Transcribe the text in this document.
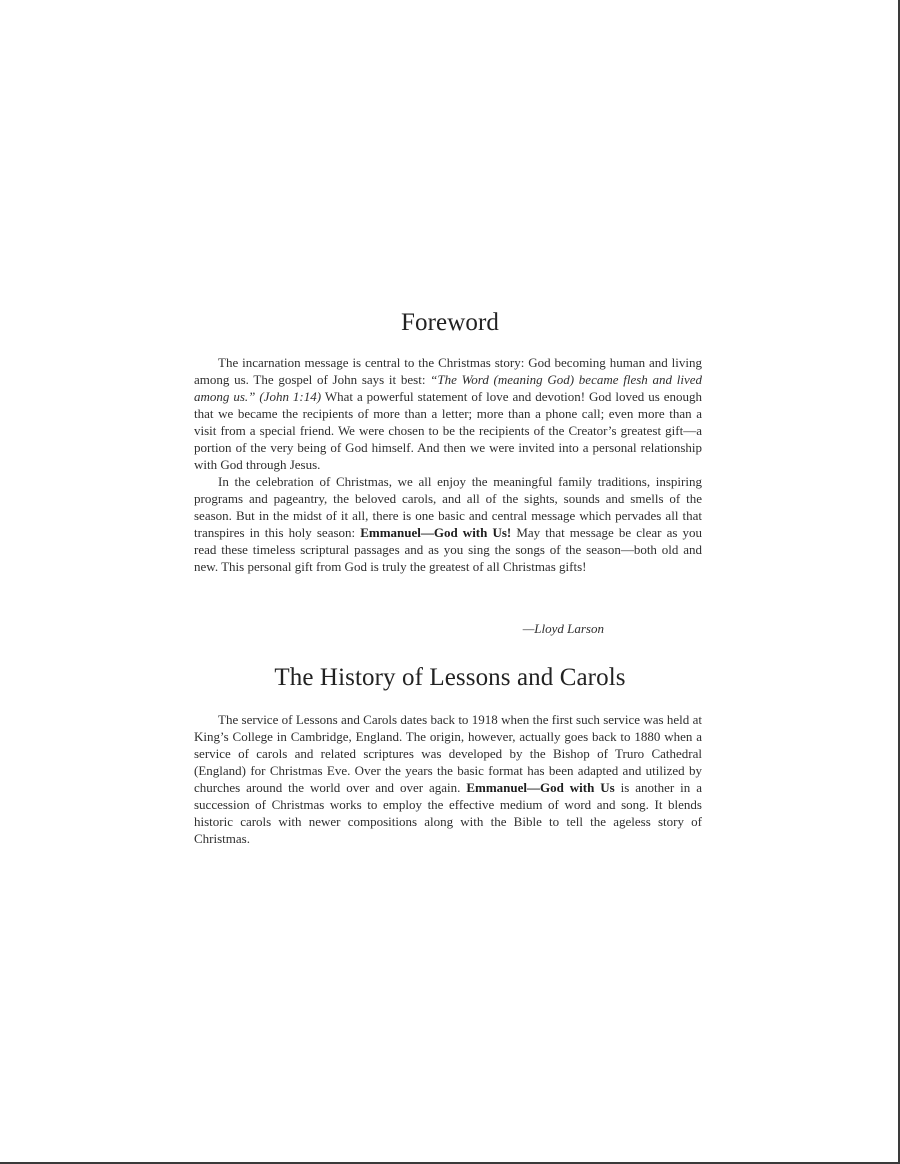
Foreword

The incarnation message is central to the Christmas story: God becoming human and living among us. The gospel of John says it best: “The Word (meaning God) became flesh and lived among us.” (John 1:14) What a powerful statement of love and devotion! God loved us enough that we became the recipients of more than a letter; more than a phone call; even more than a visit from a special friend. We were chosen to be the recipients of the Creator’s greatest gift—a portion of the very being of God himself. And then we were invited into a personal relationship with God through Jesus.

In the celebration of Christmas, we all enjoy the meaningful family traditions, inspiring programs and pageantry, the beloved carols, and all of the sights, sounds and smells of the season. But in the midst of it all, there is one basic and central message which pervades all that transpires in this holy season: Emmanuel—God with Us! May that message be clear as you read these timeless scriptural passages and as you sing the songs of the season—both old and new. This personal gift from God is truly the greatest of all Christmas gifts!

—Lloyd Larson
The History of Lessons and Carols

The service of Lessons and Carols dates back to 1918 when the first such service was held at King’s College in Cambridge, England. The origin, however, actually goes back to 1880 when a service of carols and related scriptures was developed by the Bishop of Truro Cathedral (England) for Christmas Eve. Over the years the basic format has been adapted and utilized by churches around the world over and over again. Emmanuel—God with Us is another in a succession of Christmas works to employ the effective medium of word and song. It blends historic carols with newer compositions along with the Bible to tell the ageless story of Christmas.
